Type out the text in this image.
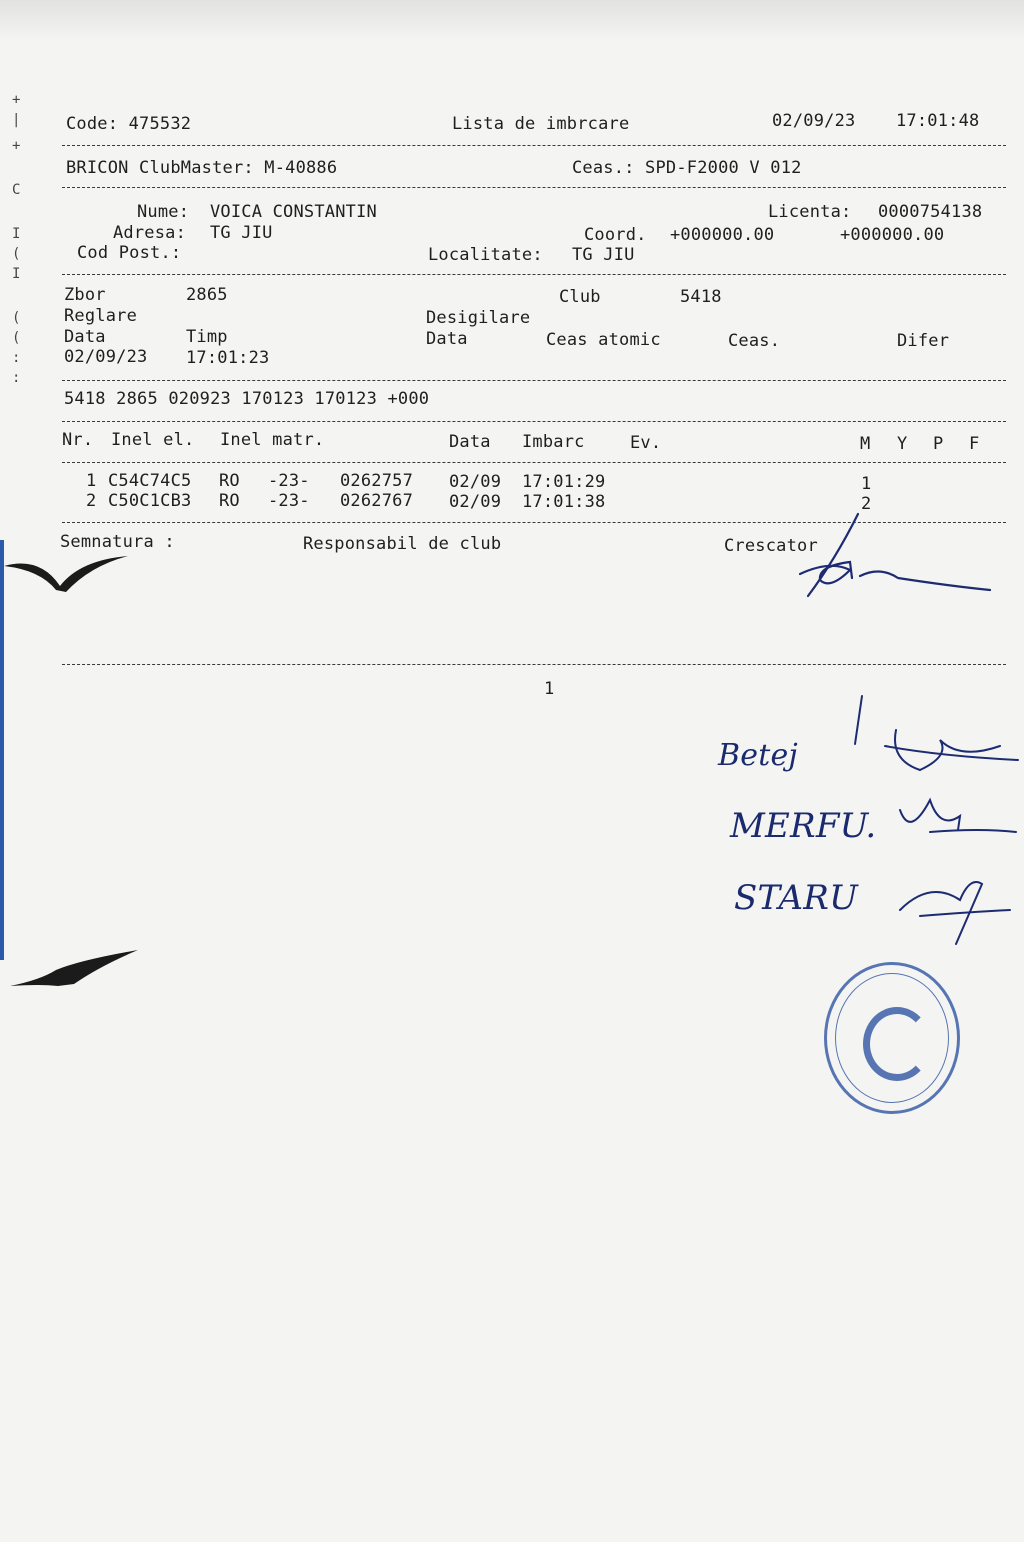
+
|
+
C
I
(
I
(
(
:
:
Code: 475532	Lista de imbrcare	02/09/23 17:01:48
BRICON ClubMaster: M-40886	Ceas.: SPD-F2000 V 012
Nume: VOICA CONSTANTIN	Licenta: 0000754138
Adresa: TG JIU	Coord. +000000.00	+000000.00
Cod Post.:	Localitate: TG JIU
Zbor	2865	Club	5418
Reglare	Desigilare
Data	Timp	Data	Ceas atomic	Ceas.	Difer
02/09/23 17:01:23
5418 2865 020923 170123 170123 +000
Nr. Inel el. Inel matr.	Data Imbarc	Ev.	M Y P F
1 C54C74C5 RO -23- 0262757 02/09 17:01:29	1
2 C50C1CB3 RO -23- 0262767 02/09 17:01:38	2
Semnatura :	Responsabil de club	Crescator
1
Betej
MERFU.
STARU
